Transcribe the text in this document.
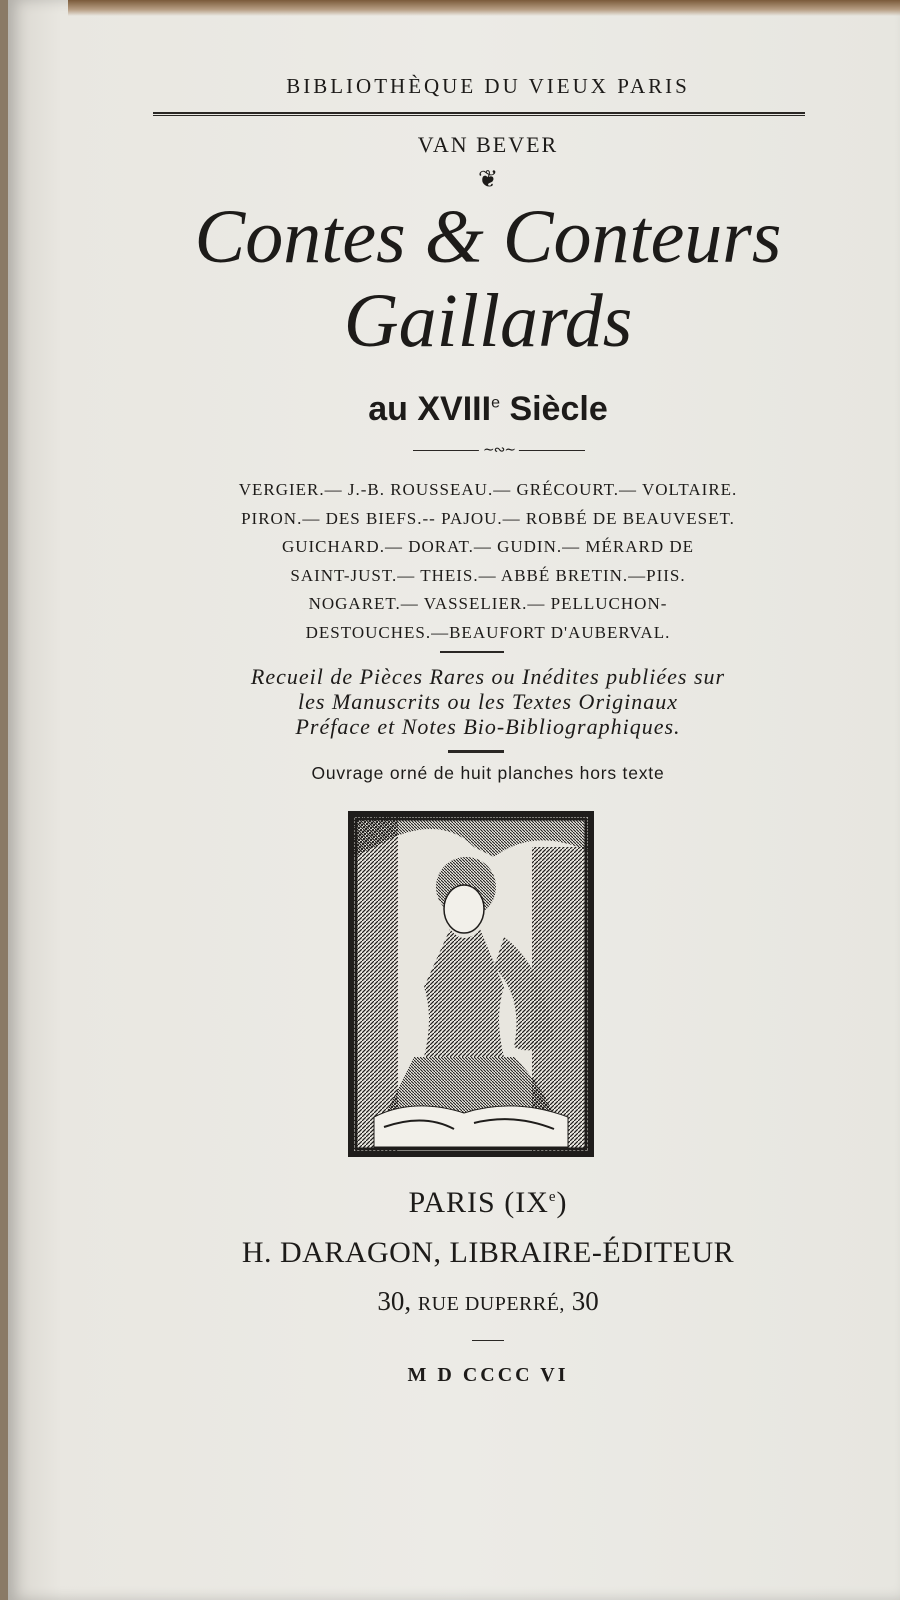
BIBLIOTHÈQUE DU VIEUX PARIS
VAN BEVER
❦
Contes & Conteurs
Gaillards
au XVIIIe Siècle
∼∾∼
VERGIER.— J.-B. ROUSSEAU.— GRÉCOURT.— VOLTAIRE.
PIRON.— DES BIEFS.-- PAJOU.— ROBBÉ DE BEAUVESET.
GUICHARD.— DORAT.— GUDIN.— MÉRARD DE
SAINT-JUST.— THEIS.— ABBÉ BRETIN.—PIIS.
NOGARET.— VASSELIER.— PELLUCHON-
DESTOUCHES.—BEAUFORT D'AUBERVAL.
Recueil de Pièces Rares ou Inédites publiées sur
les Manuscrits ou les Textes Originaux
Préface et Notes Bio-Bibliographiques.
Ouvrage orné de huit planches hors texte
PARIS (IXe)
H. DARAGON, LIBRAIRE-ÉDITEUR
30, RUE DUPERRÉ, 30
M D CCCC VI
